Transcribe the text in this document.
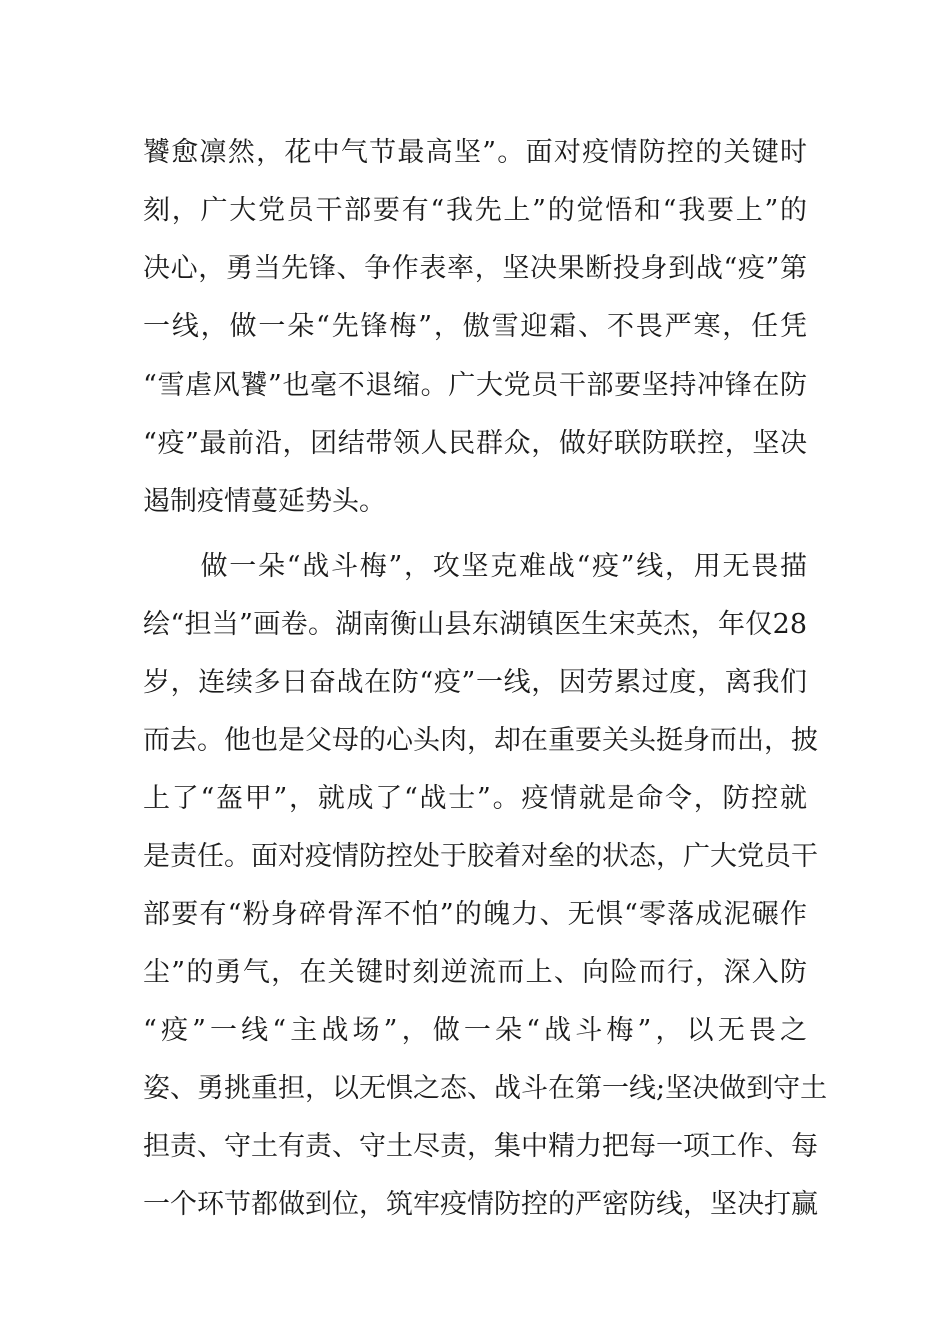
饕愈凛然，花中气节最高坚”。面对疫情防控的关键时
刻，广大党员干部要有“我先上”的觉悟和“我要上”的
决心，勇当先锋、争作表率，坚决果断投身到战“疫”第
一线，做一朵“先锋梅”，傲雪迎霜、不畏严寒，任凭
“雪虐风饕”也毫不退缩。广大党员干部要坚持冲锋在防
“疫”最前沿，团结带领人民群众，做好联防联控，坚决
遏制疫情蔓延势头。
　　做一朵“战斗梅”，攻坚克难战“疫”线，用无畏描
绘“担当”画卷。湖南衡山县东湖镇医生宋英杰，年仅28
岁，连续多日奋战在防“疫”一线，因劳累过度，离我们
而去。他也是父母的心头肉，却在重要关头挺身而出，披
上了“盔甲”，就成了“战士”。疫情就是命令，防控就
是责任。面对疫情防控处于胶着对垒的状态，广大党员干
部要有“粉身碎骨浑不怕”的魄力、无惧“零落成泥碾作
尘”的勇气，在关键时刻逆流而上、向险而行，深入防
“疫”一线“主战场”，做一朵“战斗梅”，以无畏之
姿、勇挑重担，以无惧之态、战斗在第一线;坚决做到守土
担责、守土有责、守土尽责，集中精力把每一项工作、每
一个环节都做到位，筑牢疫情防控的严密防线，坚决打赢
